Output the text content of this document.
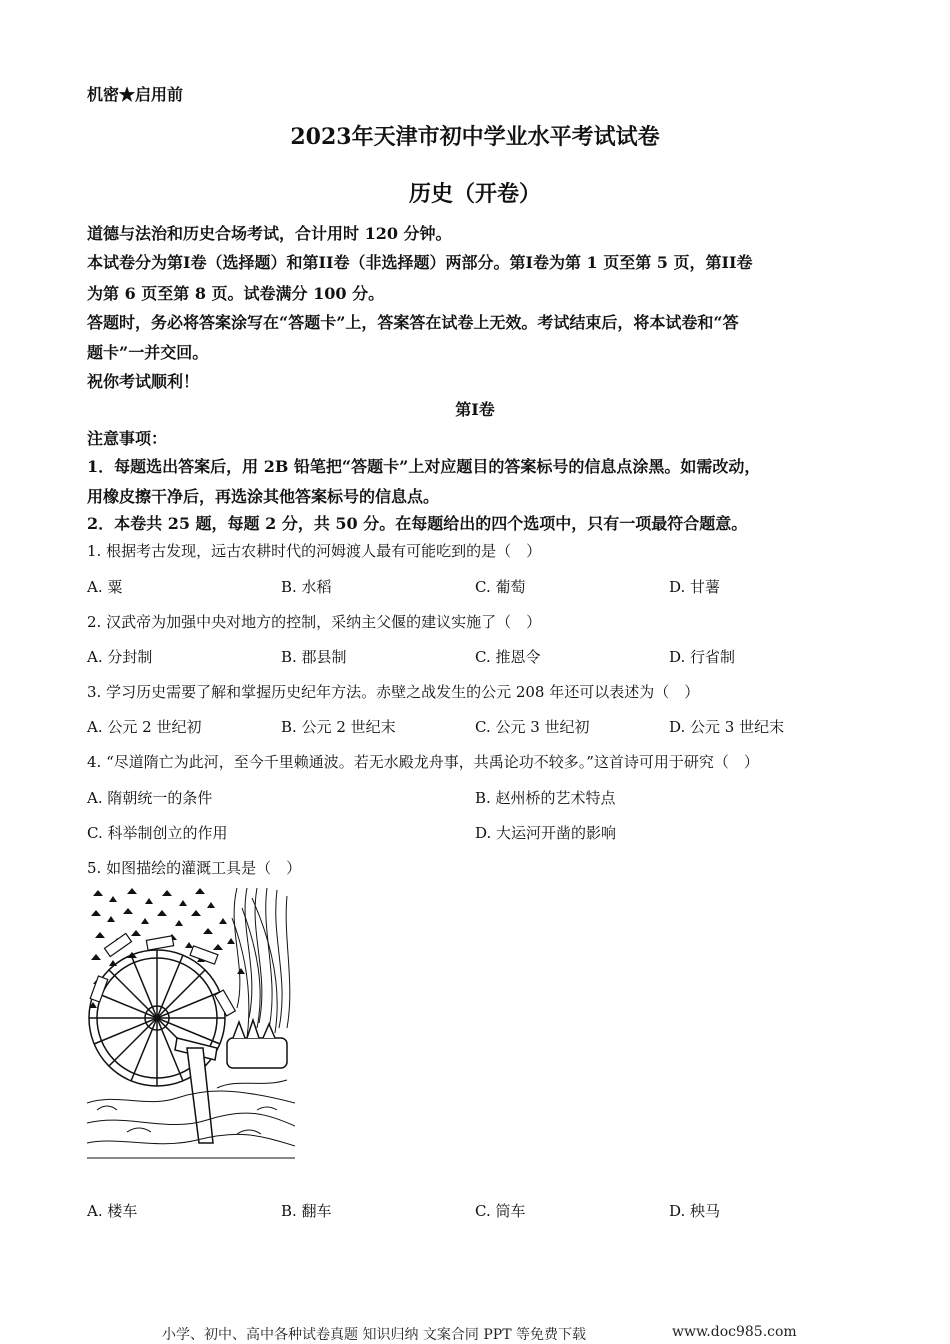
机密★启用前
2023年天津市初中学业水平考试试卷
历史（开卷）
道德与法治和历史合场考试，合计用时 120 分钟。
本试卷分为第I卷（选择题）和第II卷（非选择题）两部分。第I卷为第 1 页至第 5 页，第II卷
为第 6 页至第 8 页。试卷满分 100 分。
答题时，务必将答案涂写在“答题卡”上，答案答在试卷上无效。考试结束后，将本试卷和“答
题卡”一并交回。
祝你考试顺利！
第I卷
注意事项：
1．每题选出答案后，用 2B 铅笔把“答题卡”上对应题目的答案标号的信息点涂黑。如需改动，
用橡皮擦干净后，再选涂其他答案标号的信息点。
2．本卷共 25 题，每题 2 分，共 50 分。在每题给出的四个选项中，只有一项最符合题意。
1. 根据考古发现，远古农耕时代的河姆渡人最有可能吃到的是（　）
A. 粟	B. 水稻	C. 葡萄	D. 甘薯
2. 汉武帝为加强中央对地方的控制，采纳主父偃的建议实施了（　）
A. 分封制	B. 郡县制	C. 推恩令	D. 行省制
3. 学习历史需要了解和掌握历史纪年方法。赤壁之战发生的公元 208 年还可以表述为（　）
A. 公元 2 世纪初	B. 公元 2 世纪末	C. 公元 3 世纪初	D. 公元 3 世纪末
4. “尽道隋亡为此河，至今千里赖通波。若无水殿龙舟事，共禹论功不较多。”这首诗可用于研究（　）
A. 隋朝统一的条件	B. 赵州桥的艺术特点
C. 科举制创立的作用	D. 大运河开凿的影响
5. 如图描绘的灌溉工具是（　）
A. 楼车	B. 翻车	C. 筒车	D. 秧马
小学、初中、高中各种试卷真题 知识归纳 文案合同 PPT 等免费下载	www.doc985.com
